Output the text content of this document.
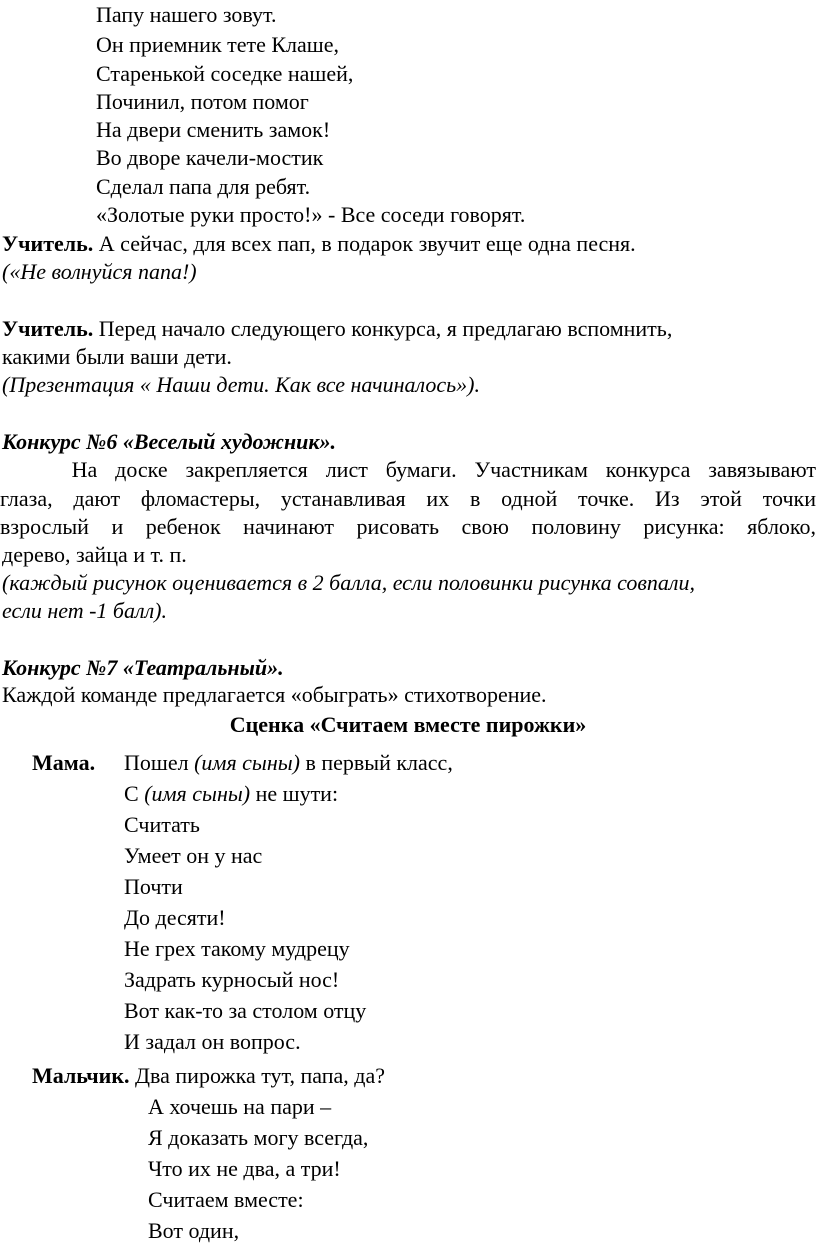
Папу нашего зовут.
Он приемник тете Клаше,
Старенькой соседке нашей,
Починил, потом помог
На двери сменить замок!
Во дворе качели-мостик
Сделал папа для ребят.
«Золотые руки просто!» - Все соседи говорят.
Учитель. А сейчас, для всех пап, в подарок звучит еще одна песня.
(«Не волнуйся папа!)
Учитель. Перед начало следующего конкурса, я предлагаю вспомнить,
какими были ваши дети.
(Презентация « Наши дети. Как все начиналось»).
Конкурс №6 «Веселый художник».
На доске закрепляется лист бумаги. Участникам конкурса завязывают
глаза, дают фломастеры, устанавливая их в одной точке. Из этой точки
взрослый и ребенок начинают рисовать свою половину рисунка: яблоко,
дерево, зайца и т. п.
(каждый рисунок оценивается в 2 балла, если половинки рисунка совпали,
если нет -1 балл).
Конкурс №7 «Театральный».
Каждой команде предлагается «обыграть» стихотворение.
Сценка «Считаем вместе пирожки»
Мама. Пошел (имя сыны) в первый класс,
С (имя сыны) не шути:
Считать
Умеет он у нас
Почти
До десяти!
Не грех такому мудрецу
Задрать курносый нос!
Вот как-то за столом отцу
И задал он вопрос.
Мальчик. Два пирожка тут, папа, да?
А хочешь на пари –
Я доказать могу всегда,
Что их не два, а три!
Считаем вместе:
Вот один,
